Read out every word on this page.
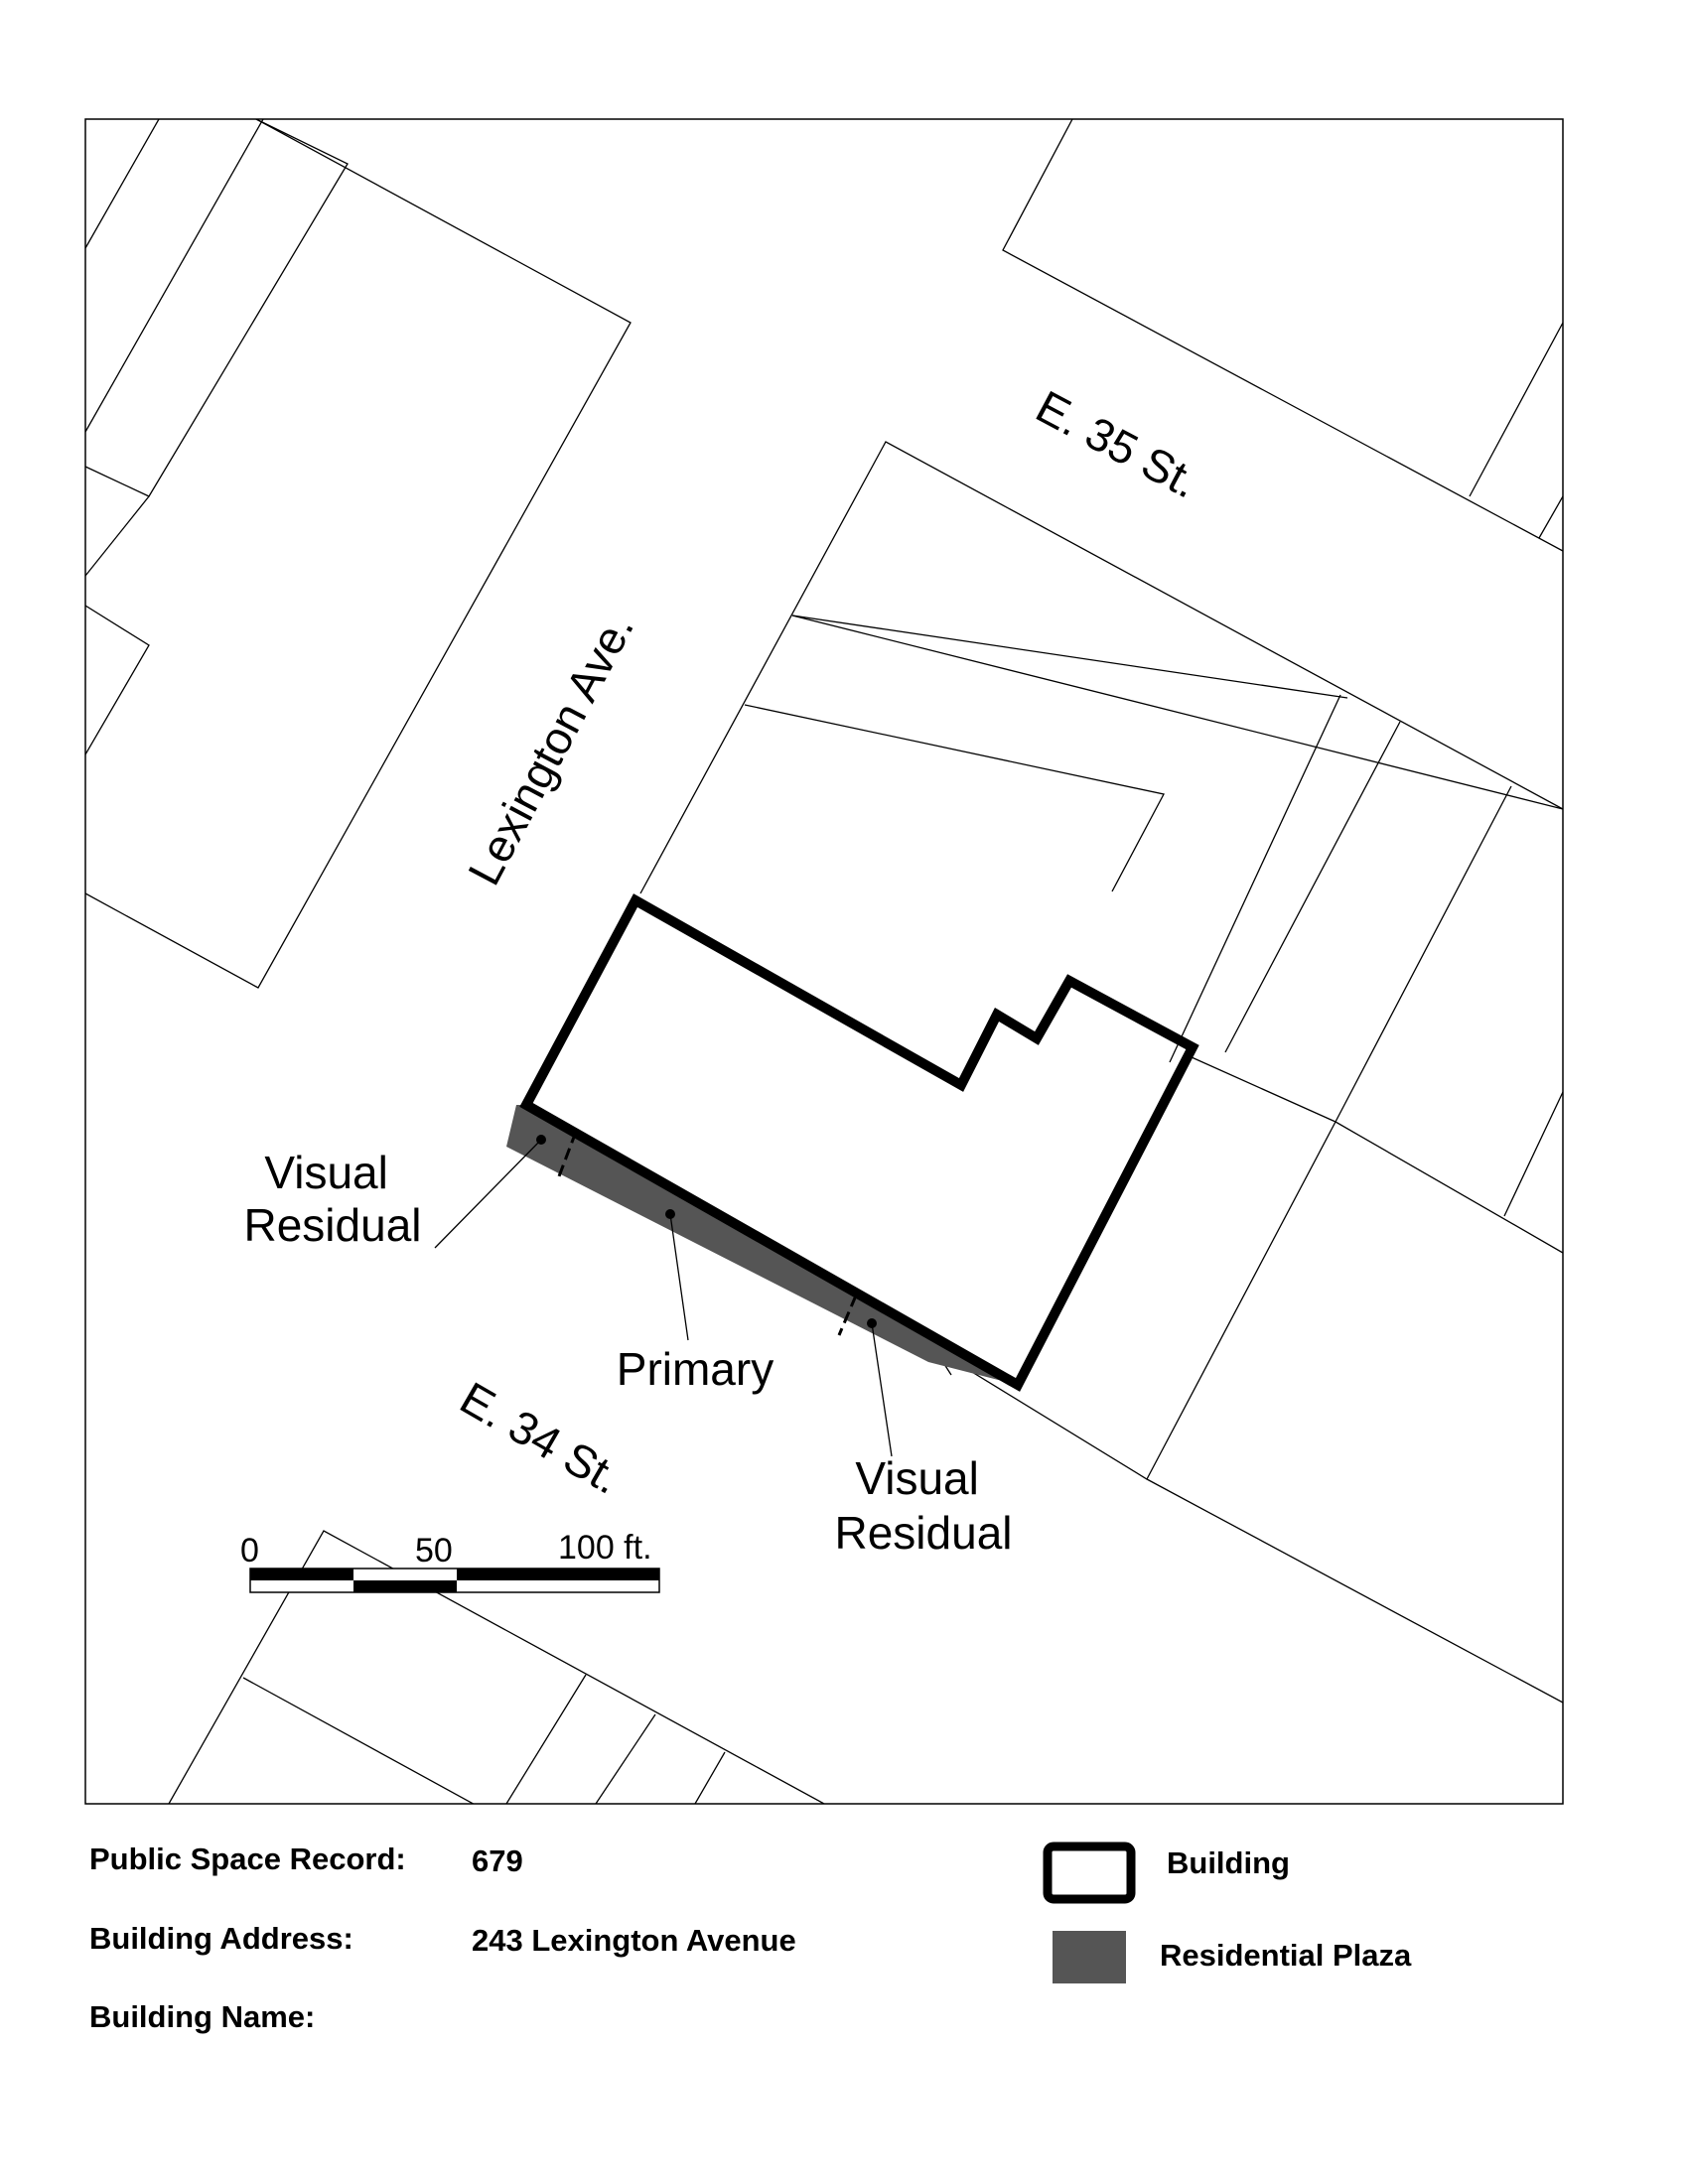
E. 35 St.
Lexington Ave.
E. 34 St.
Visual Residual
Primary
Visual Residual
0	50	100 ft.
Public Space Record: 679
Building Address:	243 Lexington Avenue
Building Name:
Building
Residential Plaza
